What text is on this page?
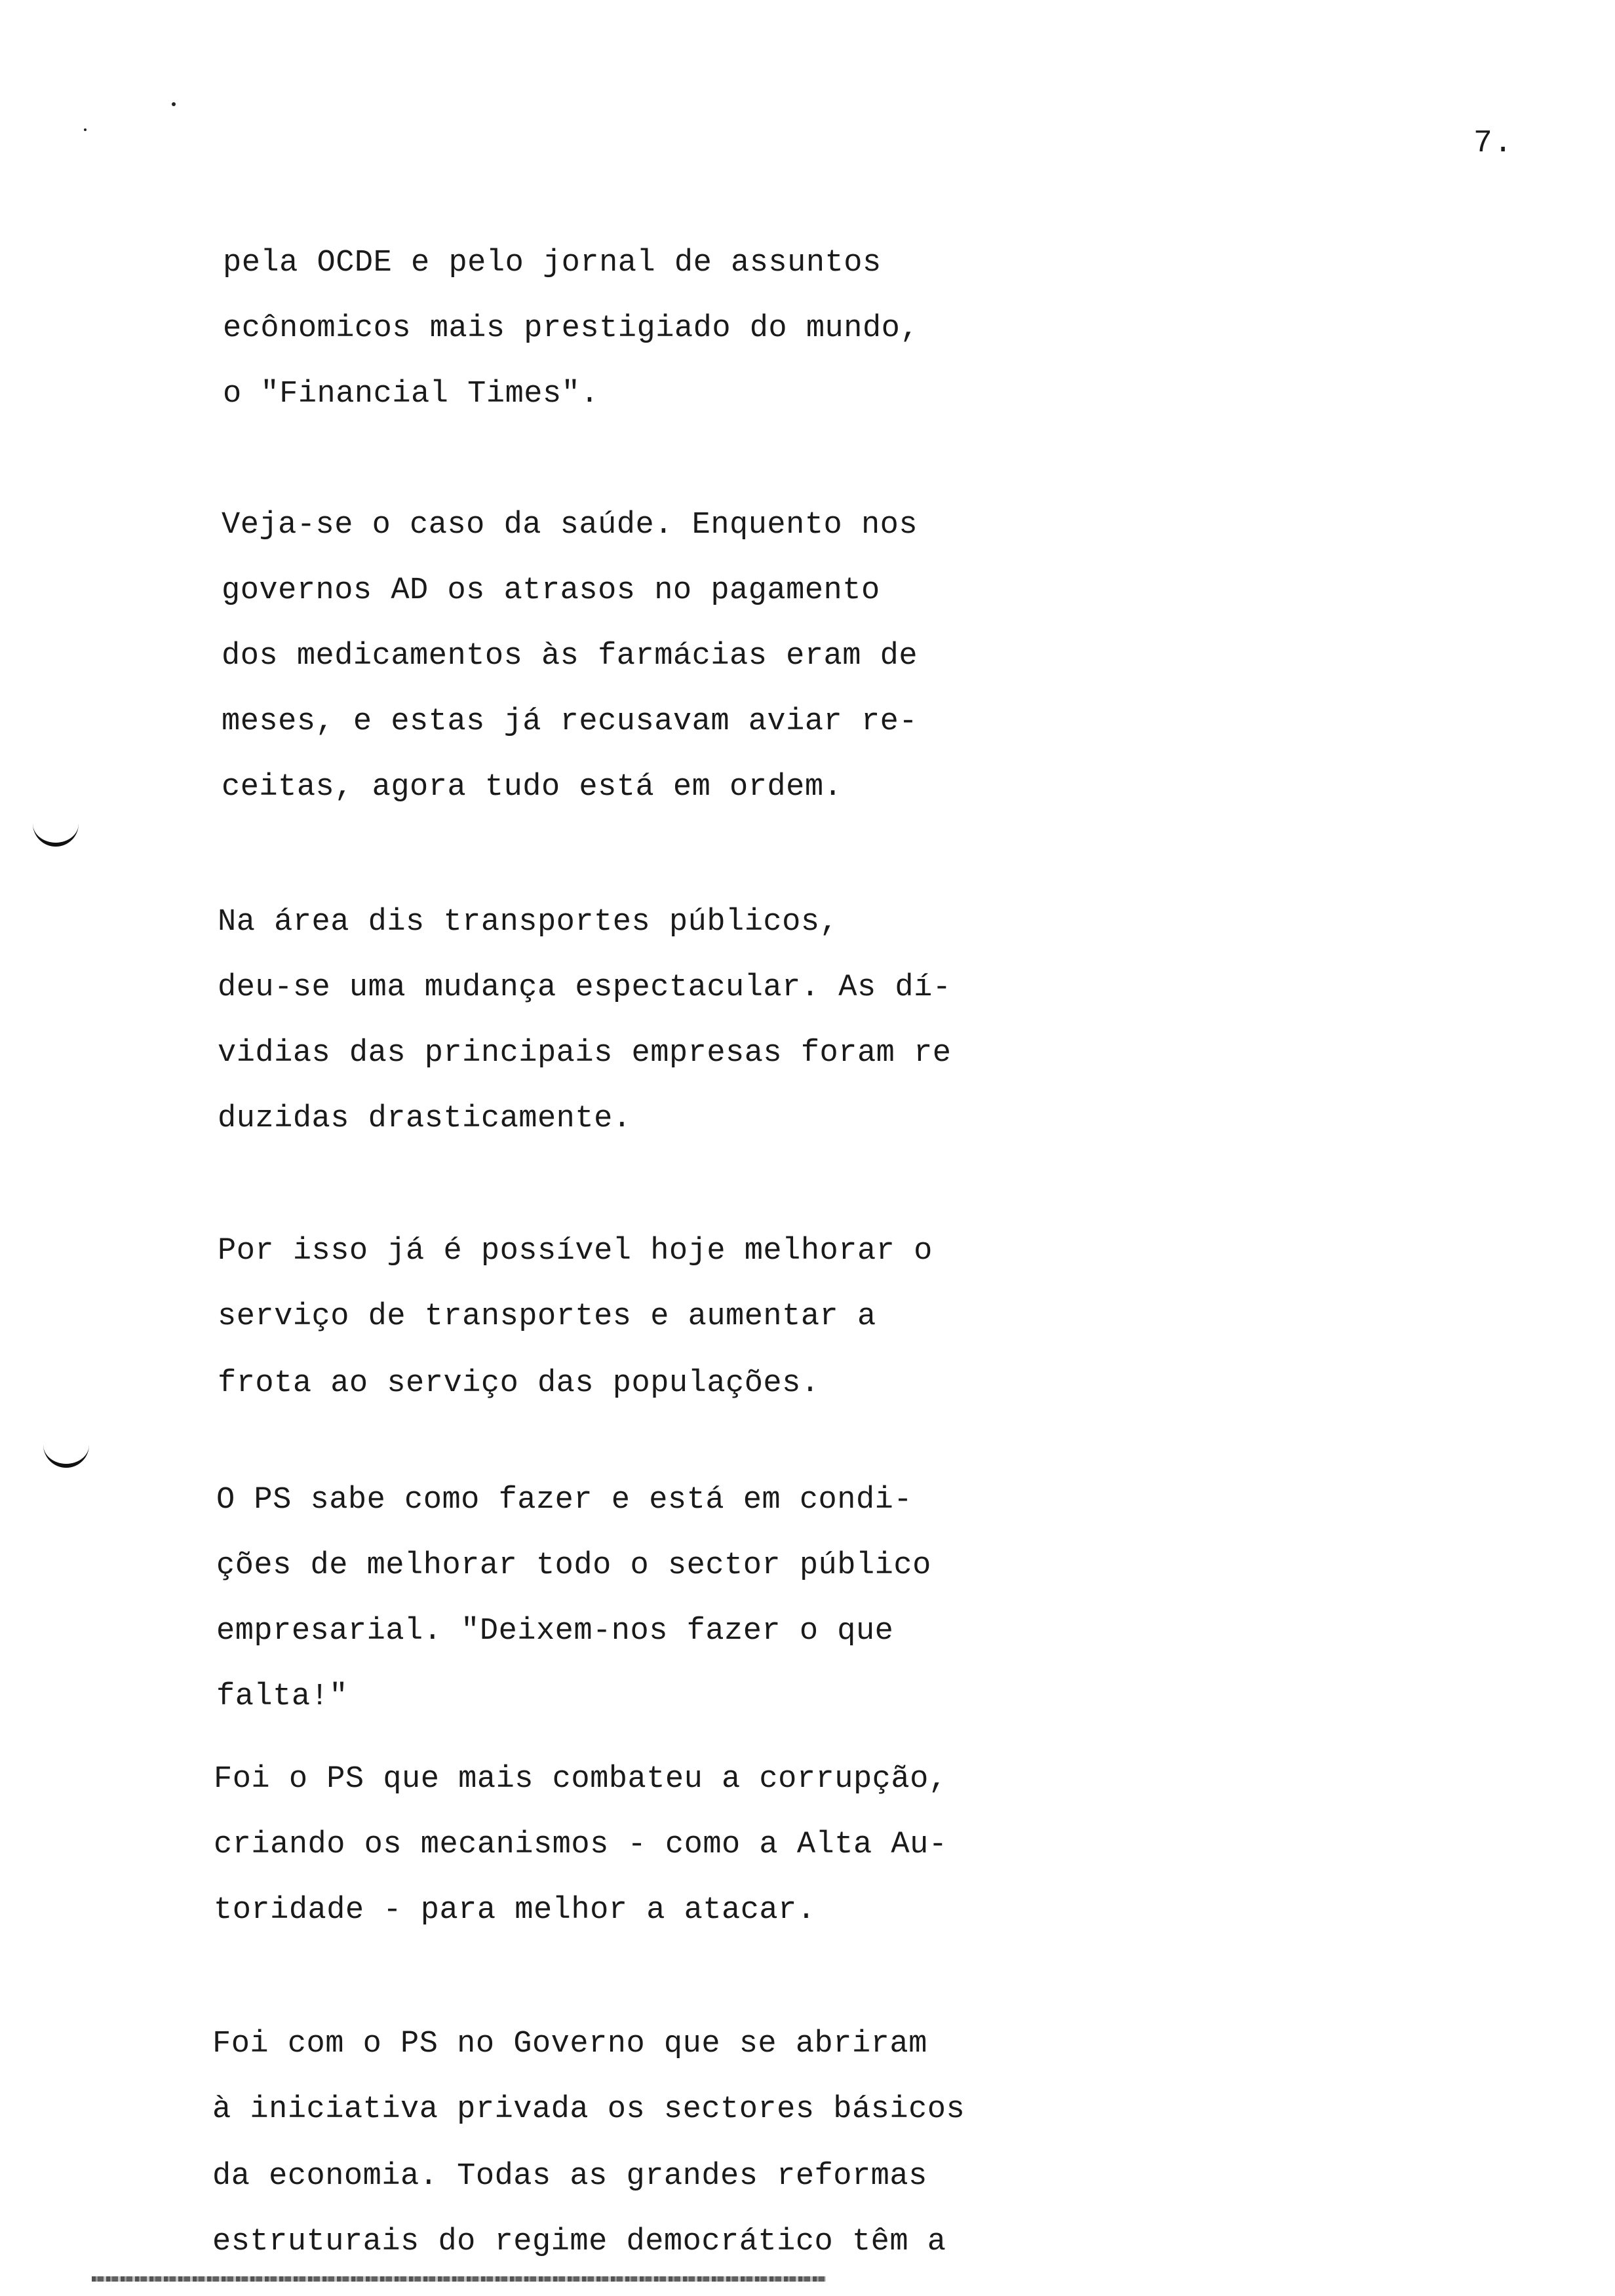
7.
pela OCDE e pelo jornal de assuntos
ecônomicos mais prestigiado do mundo,
o "Financial Times".
Veja-se o caso da saúde. Enquento nos
governos AD os atrasos no pagamento
dos medicamentos às farmácias eram de
meses, e estas já recusavam aviar re-
ceitas, agora tudo está em ordem.
Na área dis transportes públicos,
deu-se uma mudança espectacular. As dí-
vidias das principais empresas foram re
duzidas drasticamente.
Por isso já é possível hoje melhorar o
serviço de transportes e aumentar a
frota ao serviço das populações.
O PS sabe como fazer e está em condi-
ções de melhorar todo o sector público
empresarial. "Deixem-nos fazer o que
falta!"
Foi o PS que mais combateu a corrupção,
criando os mecanismos - como a Alta Au-
toridade - para melhor a atacar.
Foi com o PS no Governo que se abriram
à iniciativa privada os sectores básicos
da economia. Todas as grandes reformas
estruturais do regime democrático têm a
